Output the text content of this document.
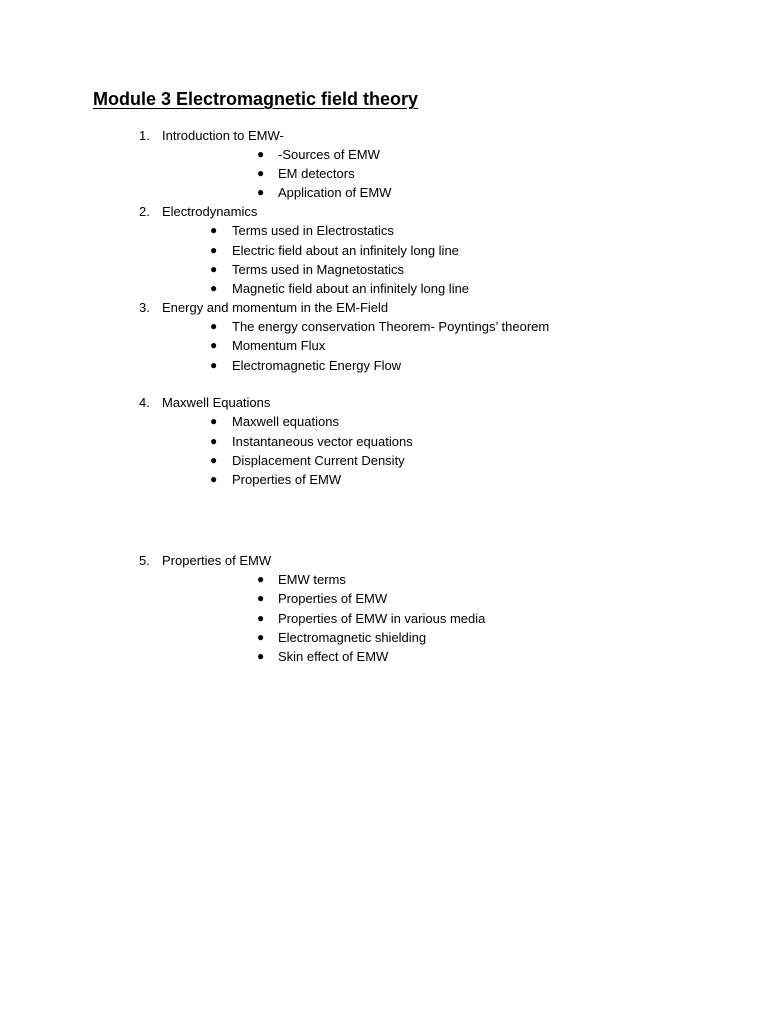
Module 3 Electromagnetic field theory
1. Introduction to EMW-
● -Sources of EMW
● EM detectors
● Application of EMW
2. Electrodynamics
● Terms used in Electrostatics
● Electric field about an infinitely long line
● Terms used in Magnetostatics
● Magnetic field about an infinitely long line
3. Energy and momentum in the EM-Field
● The energy conservation Theorem- Poyntings’ theorem
● Momentum Flux
● Electromagnetic Energy Flow
4. Maxwell Equations
● Maxwell equations
● Instantaneous vector equations
● Displacement Current Density
● Properties of EMW
5. Properties of EMW
● EMW terms
● Properties of EMW
● Properties of EMW in various media
● Electromagnetic shielding
● Skin effect of EMW
